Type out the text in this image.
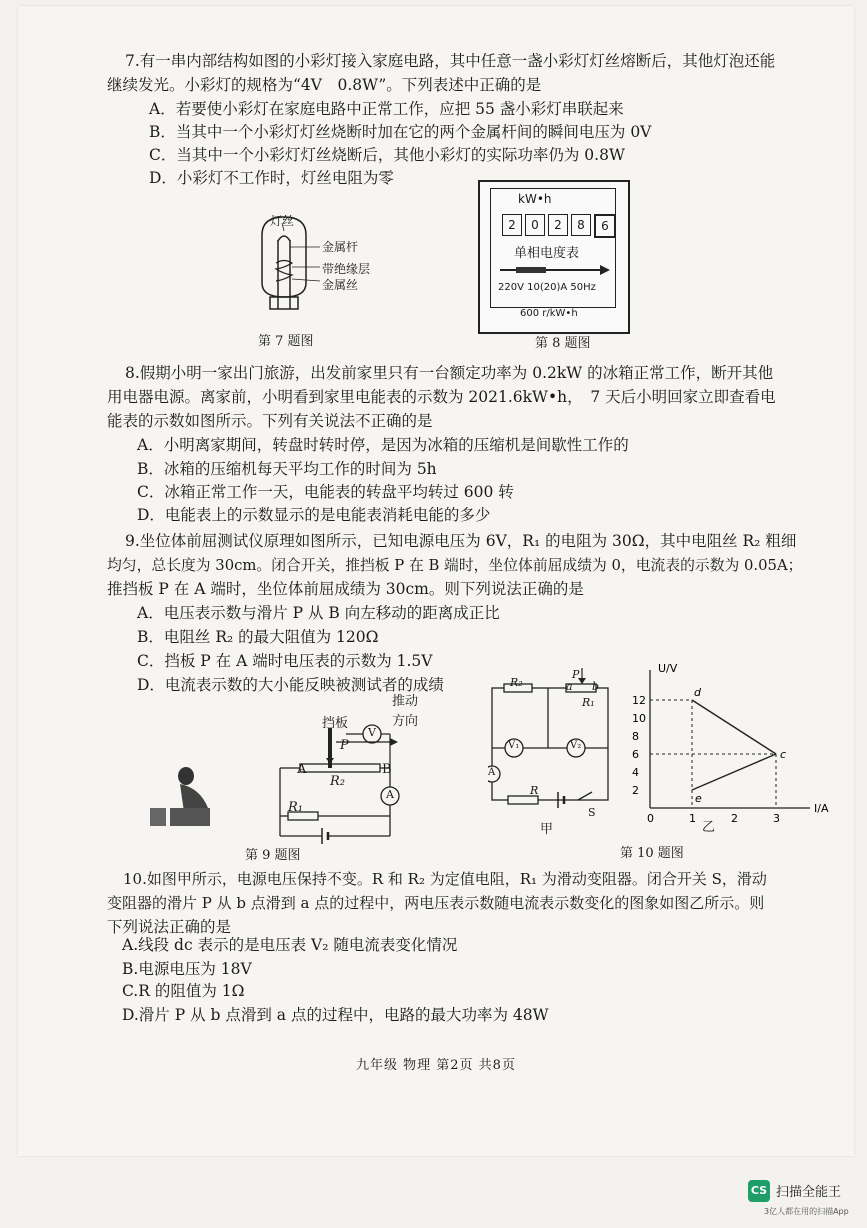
7.有一串内部结构如图的小彩灯接入家庭电路，其中任意一盏小彩灯灯丝熔断后，其他灯泡还能
继续发光。小彩灯的规格为“4V　0.8W”。下列表述中正确的是
A．若要使小彩灯在家庭电路中正常工作，应把 55 盏小彩灯串联起来
B．当其中一个小彩灯灯丝烧断时加在它的两个金属杆间的瞬间电压为 0V
C．当其中一个小彩灯灯丝烧断后，其他小彩灯的实际功率仍为 0.8W
D．小彩灯不工作时，灯丝电阻为零
灯丝
金属杆
带绝缘层
金属丝
第 7 题图
kW•h
2	0	2	8	6
单相电度表
220V 10(20)A 50Hz
600 r/kW•h
第 8 题图
8.假期小明一家出门旅游，出发前家里只有一台额定功率为 0.2kW 的冰箱正常工作，断开其他
用电器电源。离家前，小明看到家里电能表的示数为 2021.6kW•h，　7 天后小明回家立即查看电
能表的示数如图所示。下列有关说法不正确的是
A．小明离家期间，转盘时转时停，是因为冰箱的压缩机是间歇性工作的
B．冰箱的压缩机每天平均工作的时间为 5h
C．冰箱正常工作一天，电能表的转盘平均转过 600 转
D．电能表上的示数显示的是电能表消耗电能的多少
9.坐位体前屈测试仪原理如图所示，已知电源电压为 6V，R₁ 的电阻为 30Ω，其中电阻丝 R₂ 粗细
均匀，总长度为 30cm。闭合开关，推挡板 P 在 B 端时，坐位体前屈成绩为 0，电流表的示数为 0.05A；
推挡板 P 在 A 端时，坐位体前屈成绩为 30cm。则下列说法正确的是
A．电压表示数与滑片 P 从 B 向左移动的距离成正比
B．电阻丝 R₂ 的最大阻值为 120Ω
C．挡板 P 在 A 端时电压表的示数为 1.5V
D．电流表示数的大小能反映被测试者的成绩
挡板
推动
方向
P
A	B
R₂
R₁
V
A
第 9 题图
R₂
P
a b
R₁
V₁	V₂
A
R
S
甲
U/V
I/A
12
10
8
6
4
2
0	1	2	3
d
c
e
乙
第 10 题图
10.如图甲所示，电源电压保持不变。R 和 R₂ 为定值电阻，R₁ 为滑动变阻器。闭合开关 S，滑动
变阻器的滑片 P 从 b 点滑到 a 点的过程中，两电压表示数随电流表示数变化的图象如图乙所示。则
下列说法正确的是
A.线段 dc 表示的是电压表 V₂ 随电流表变化情况
B.电源电压为 18V
C.R 的阻值为 1Ω
D.滑片 P 从 b 点滑到 a 点的过程中，电路的最大功率为 48W
九年级 物理 第2页 共8页
CS 扫描全能王
3亿人都在用的扫描App
